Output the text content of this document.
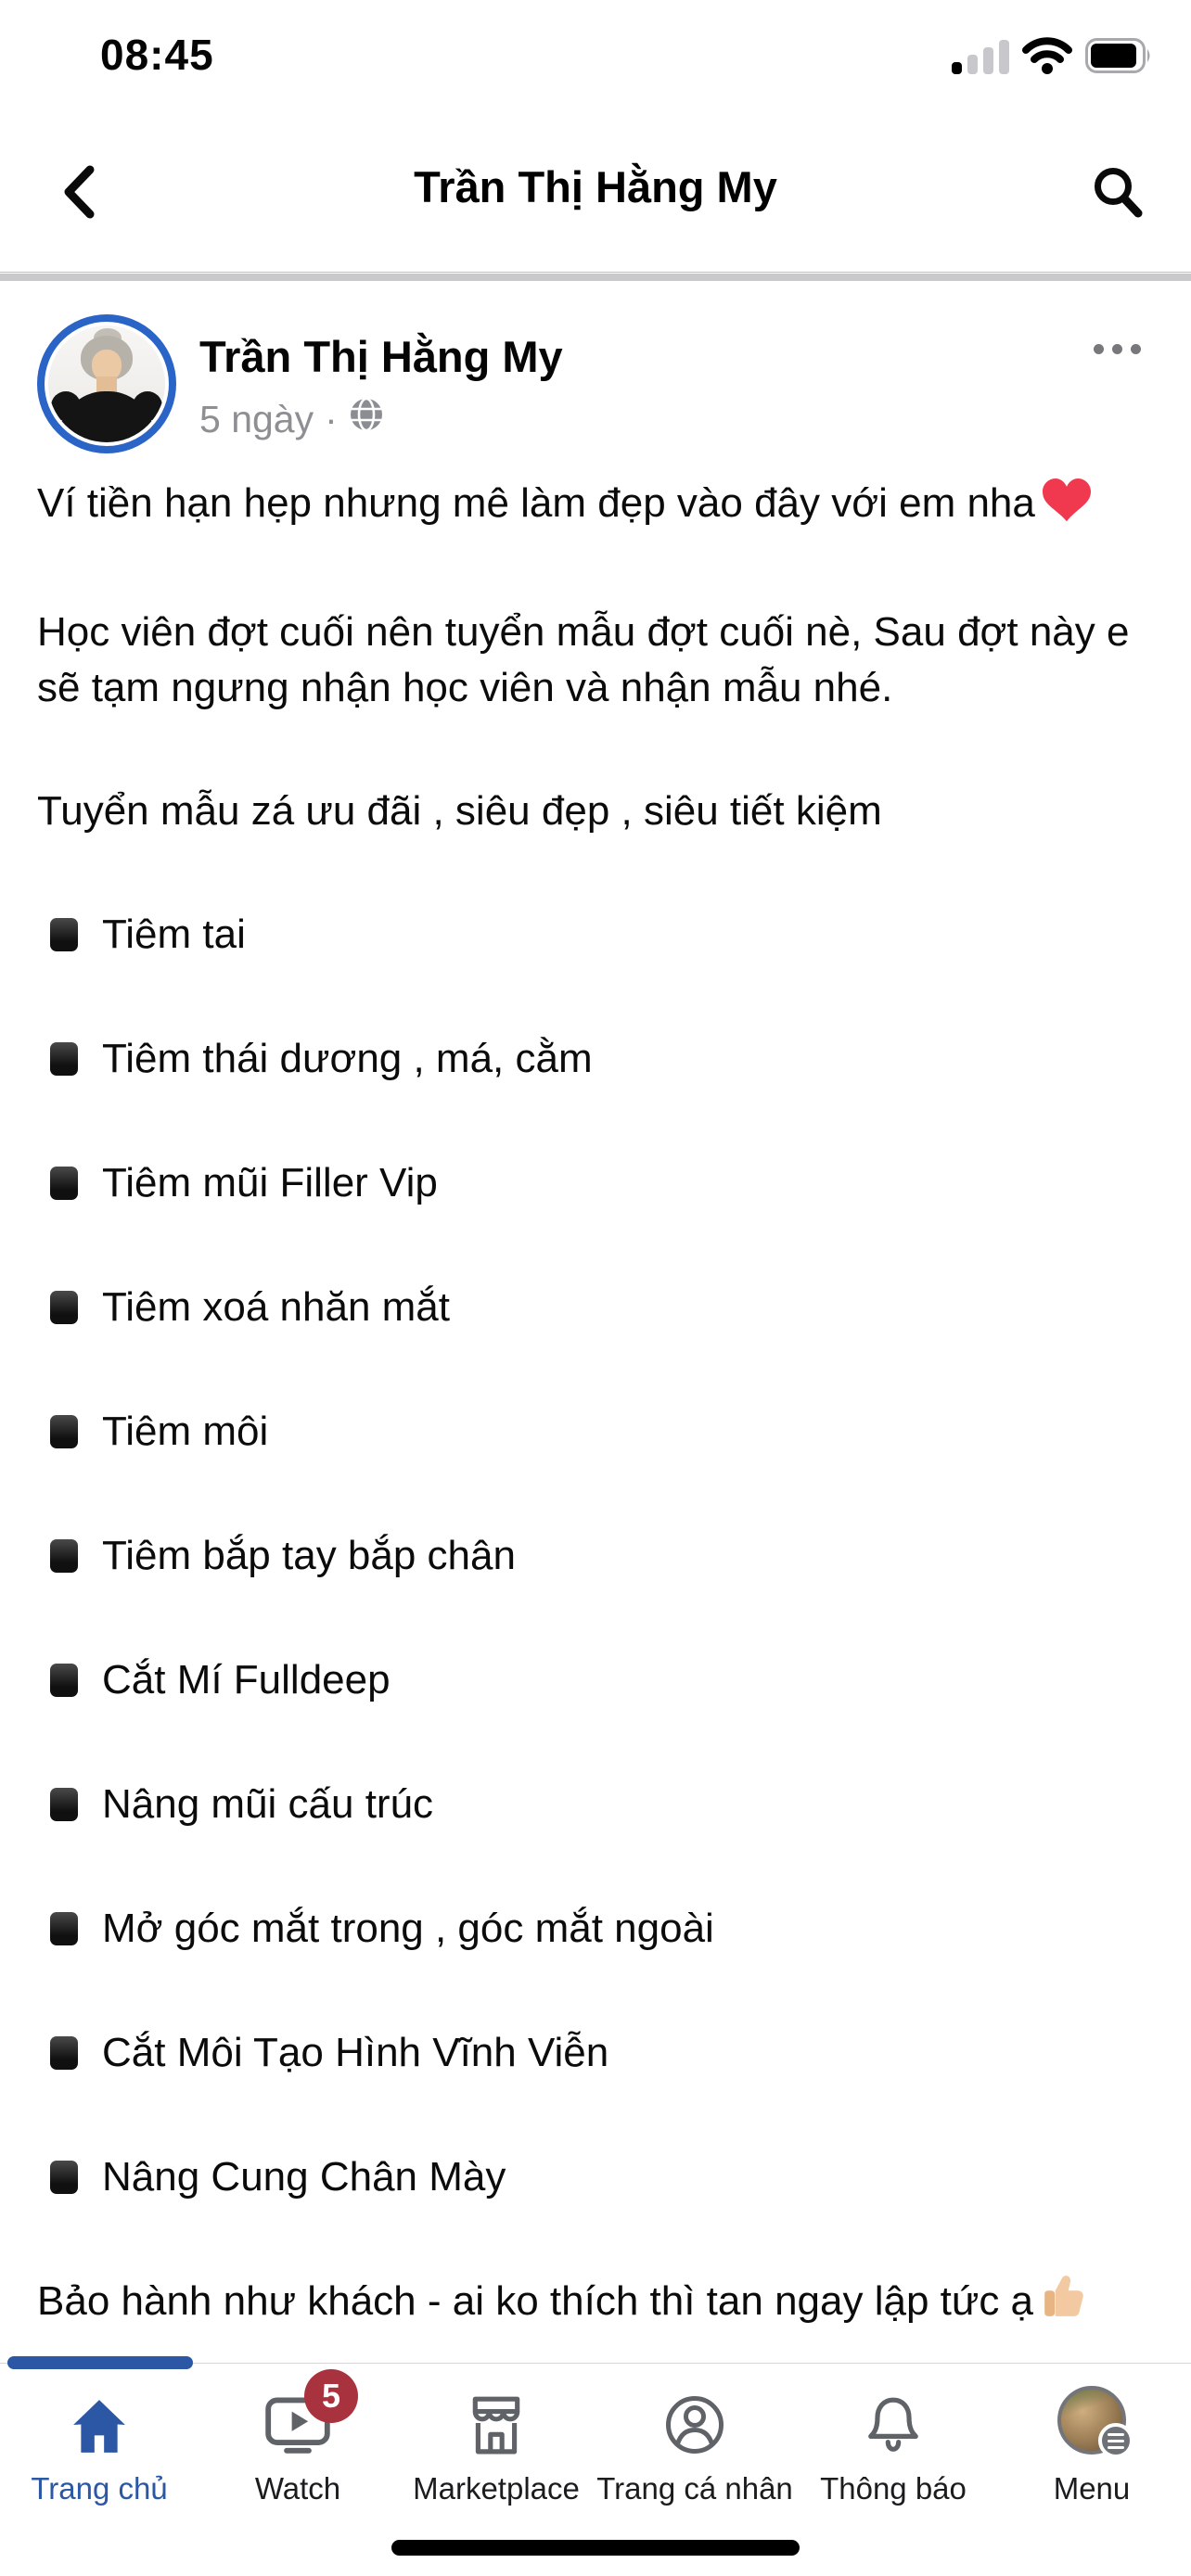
08:45
Trần Thị Hằng My
Trần Thị Hằng My
5 ngày ·

Ví tiền hạn hẹp nhưng mê làm đẹp vào đây với em nha

Học viên đợt cuối nên tuyển mẫu đợt cuối nè, Sau đợt này e sẽ tạm ngưng nhận học viên và nhận mẫu nhé.

Tuyển mẫu zá ưu đãi , siêu đẹp , siêu tiết kiệm

Tiêm tai
Tiêm thái dương , má, cằm
Tiêm mũi Filler Vip
Tiêm xoá nhăn mắt
Tiêm môi
Tiêm bắp tay bắp chân
Cắt Mí Fulldeep
Nâng mũi cấu trúc
Mở góc mắt trong , góc mắt ngoài
Cắt Môi Tạo Hình Vĩnh Viễn
Nâng Cung Chân Mày

Bảo hành như khách - ai ko thích thì tan ngay lập tức ạ

Trang chủ
5
Watch Marketplace Trang cá nhân Thông báo	Menu
